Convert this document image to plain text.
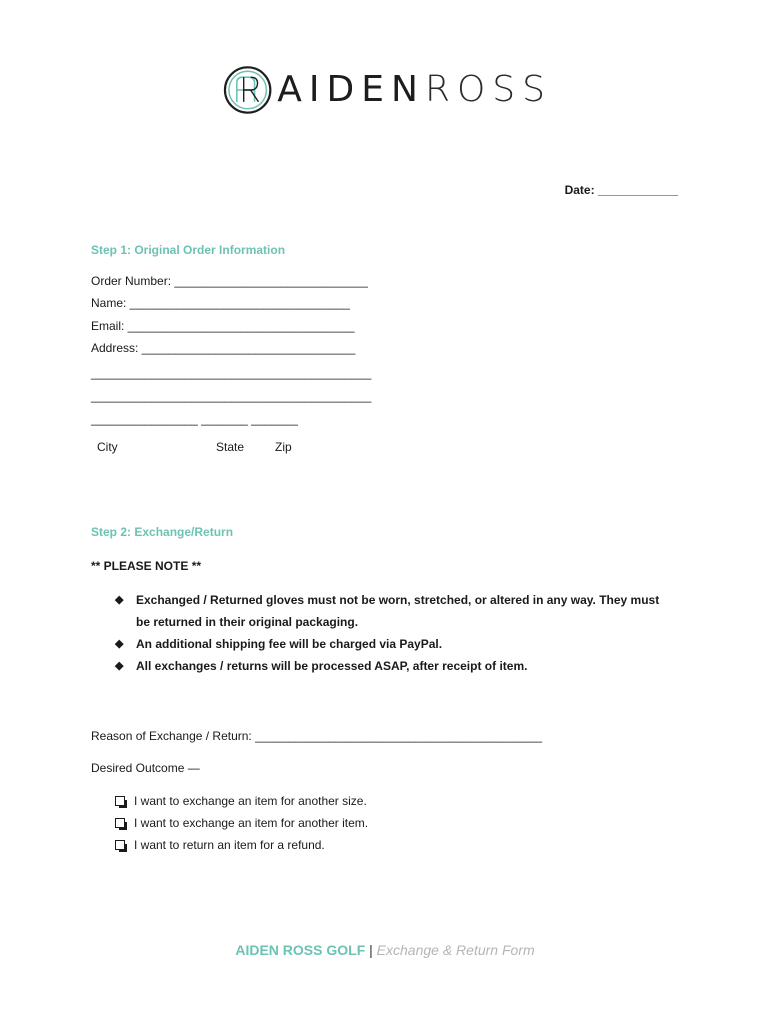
AIDENROSS
Date: ____________
Step 1: Original Order Information
Order Number: _____________________________
Name: _________________________________
Email: __________________________________
Address: ________________________________
__________________________________________
__________________________________________
________________ _______ _______
City	State	Zip
Step 2: Exchange/Return
** PLEASE NOTE **
◆	Exchanged / Returned gloves must not be worn, stretched, or altered in any way. They must be returned in their original packaging.
◆	An additional shipping fee will be charged via PayPal.
◆	All exchanges / returns will be processed ASAP, after receipt of item.
Reason of Exchange / Return: ___________________________________________
Desired Outcome —
I want to exchange an item for another size.
I want to exchange an item for another item.
I want to return an item for a refund.
AIDEN ROSS GOLF | Exchange & Return Form
